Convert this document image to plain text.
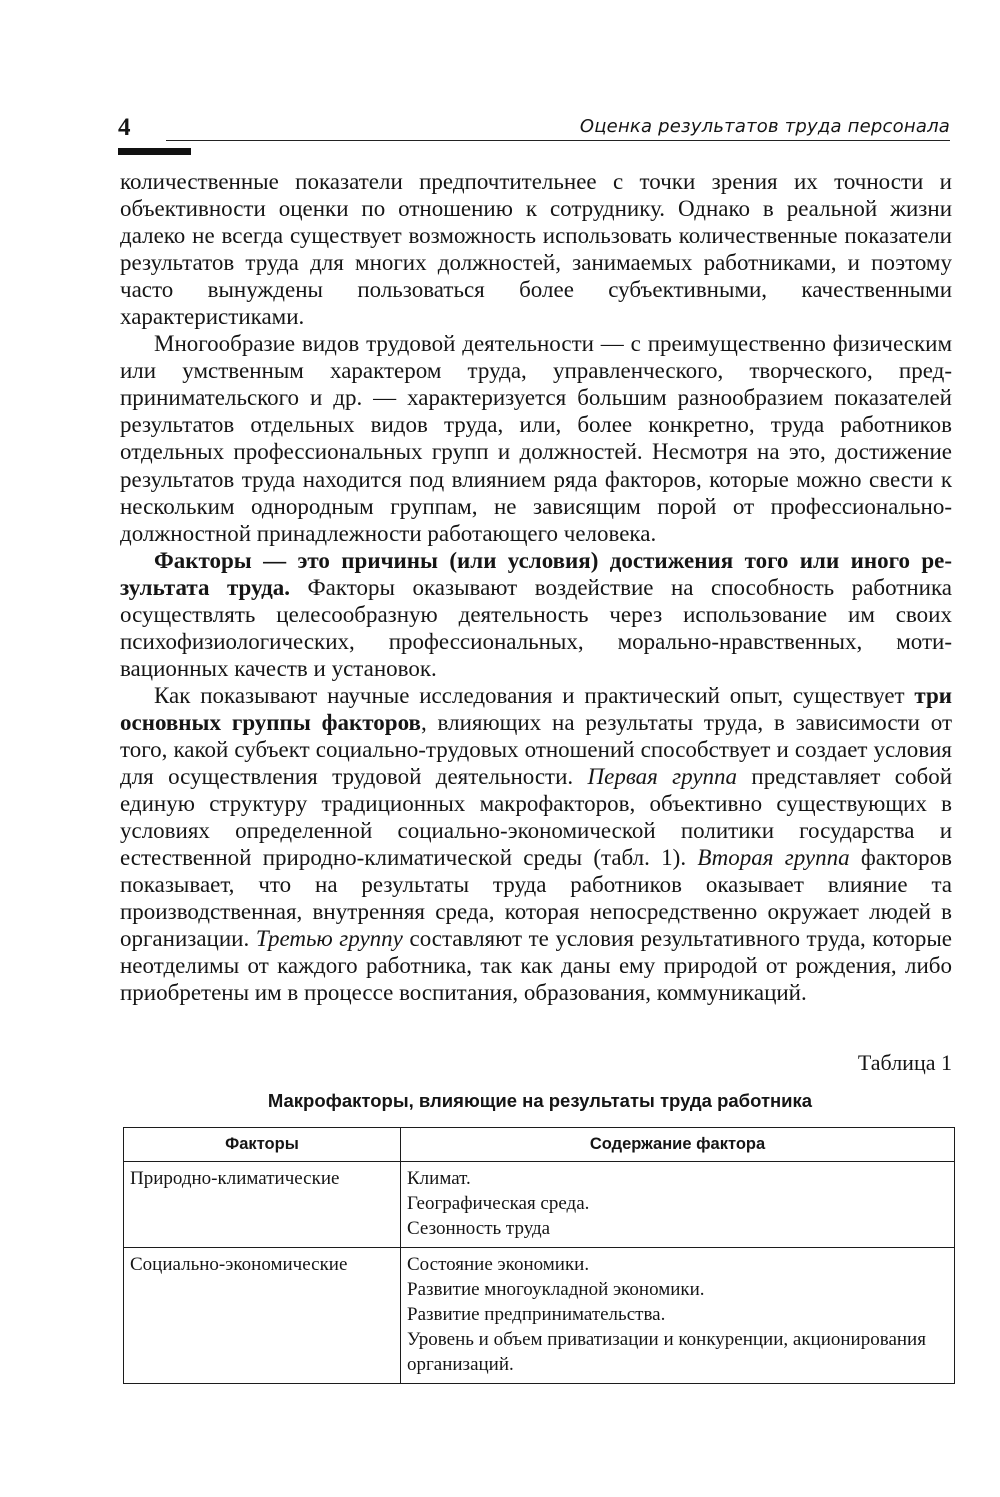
4	Оценка результатов труда персонала

количественные показатели предпочтительнее с точки зрения их точности и объективности оценки по отношению к сотруднику. Однако в реальной жизни далеко не всегда существует возможность использовать количественные показатели результатов труда для многих должностей, занимаемых работниками, и поэтому часто вынуждены пользоваться более субъективными, качественными характеристиками.

Многообразие видов трудовой деятельности — с преимущественно физическим или умственным характером труда, управленческого, творческого, предпринимательского и др. — характеризуется большим разнообразием показателей результатов отдельных видов труда, или, более конкретно, труда работников отдельных профессиональных групп и должностей. Несмотря на это, достижение результатов труда находится под влиянием ряда факторов, которые можно свести к нескольким однородным группам, не зависящим порой от профессионально-должностной принадлежности работающего человека.

Факторы — это причины (или условия) достижения того или иного результата труда. Факторы оказывают воздействие на способность работника осуществлять целесообразную деятельность через использование им своих психофизиологических, профессиональных, морально-нравственных, мотивационных качеств и установок.

Как показывают научные исследования и практический опыт, существует три основных группы факторов, влияющих на результаты труда, в зависимости от того, какой субъект социально-трудовых отношений способствует и создает условия для осуществления трудовой деятельности. Первая группа представляет собой единую структуру традиционных макрофакторов, объективно существующих в условиях определенной социально-экономической политики государства и естественной природно-климатической среды (табл. 1). Вторая группа факторов показывает, что на результаты труда работников оказывает влияние та производственная, внутренняя среда, которая непосредственно окружает людей в организации. Третью группу составляют те условия результативного труда, которые неотделимы от каждого работника, так как даны ему природой от рождения, либо приобретены им в процессе воспитания, образования, коммуникаций.

Таблица 1
Макрофакторы, влияющие на результаты труда работника
Факторы	Содержание фактора
Природно-климатические	Климат.
Географическая среда.
Сезонность труда

Социально-экономические	Состояние экономики.
Развитие многоукладной экономики.
Развитие предпринимательства.
Уровень и объем приватизации и конкуренции, акционирования организаций.
